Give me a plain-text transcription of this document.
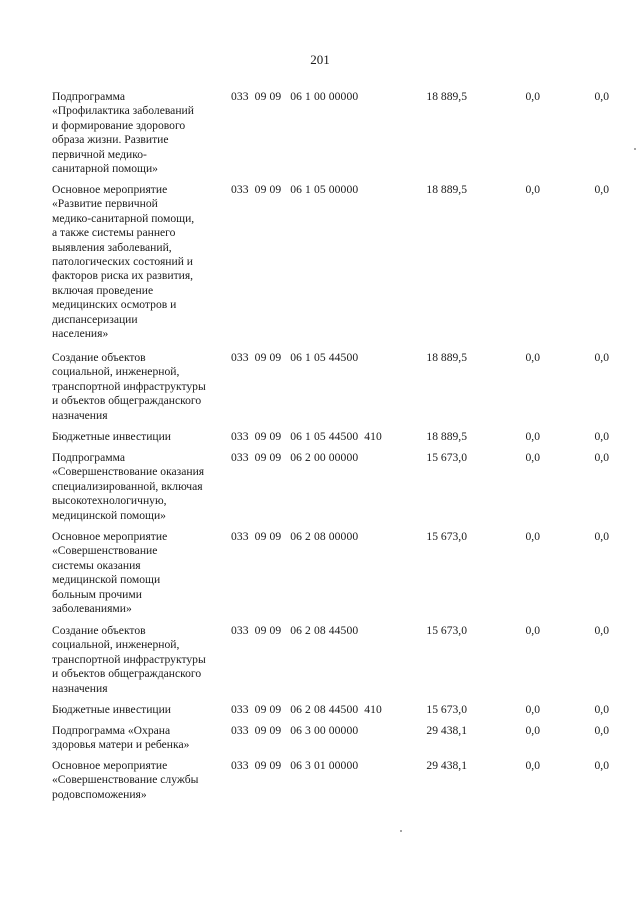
201
Подпрограмма
«Профилактика заболеваний
и формирование здорового
образа жизни. Развитие
первичной медико-
санитарной помощи»
033  09 09   06 1 00 00000	18 889,5	0,0	0,0
Основное мероприятие
«Развитие первичной
медико-санитарной помощи,
а также системы раннего
выявления заболеваний,
патологических состояний и
факторов риска их развития,
включая проведение
медицинских осмотров и
диспансеризации
населения»
033  09 09   06 1 05 00000	18 889,5	0,0	0,0
Создание объектов
социальной, инженерной,
транспортной инфраструктуры
и объектов общегражданского
назначения
033  09 09   06 1 05 44500	18 889,5	0,0	0,0
Бюджетные инвестиции	033  09 09   06 1 05 44500  410	18 889,5	0,0	0,0
Подпрограмма
«Совершенствование оказания
специализированной, включая
высокотехнологичную,
медицинской помощи»
033  09 09   06 2 00 00000	15 673,0	0,0	0,0
Основное мероприятие
«Совершенствование
системы оказания
медицинской помощи
больным прочими
заболеваниями»
033  09 09   06 2 08 00000	15 673,0	0,0	0,0
Создание объектов
социальной, инженерной,
транспортной инфраструктуры
и объектов общегражданского
назначения
033  09 09   06 2 08 44500	15 673,0	0,0	0,0
Бюджетные инвестиции	033  09 09   06 2 08 44500  410	15 673,0	0,0	0,0
Подпрограмма «Охрана
здоровья матери и ребенка»
033  09 09   06 3 00 00000	29 438,1	0,0	0,0
Основное мероприятие
«Совершенствование службы
родовспоможения»
033  09 09   06 3 01 00000	29 438,1	0,0	0,0
